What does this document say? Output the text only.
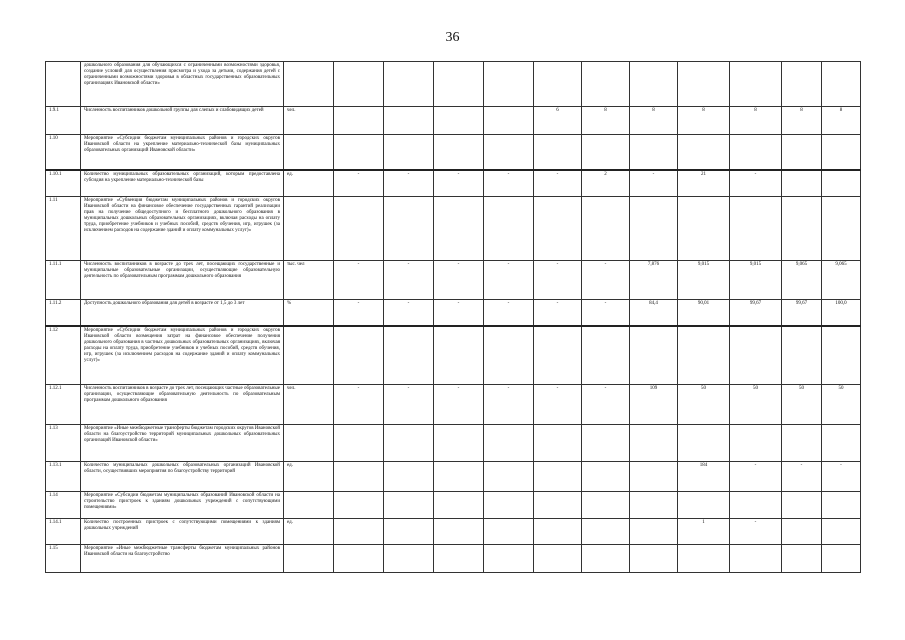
36
	дошкольного образования для обучающихся с ограниченными возможностями здоровья, создание условий для осуществления присмотра и ухода за детьми, содержания детей с ограниченными возможностями здоровья в областных государственных образовательных организациях Ивановской области»												
1.9.1	Численность воспитанников дошкольной группы для слепых и слабовидящих детей	чел.					6	8	8	8	8	8	8
1.10	Мероприятие «Субсидии бюджетам муниципальных районов и городских округов Ивановской области на укрепление материально-технической базы муниципальных образовательных организаций Ивановской области»												
1.10.1	Количество муниципальных образовательных организаций, которым предоставлена субсидия на укрепление материально-технической базы	ед.	-	-	-	-	-	2	-	21	-		
1.11	Мероприятие «Субвенция бюджетам муниципальных районов и городских округов Ивановской области на финансовое обеспечение государственных гарантий реализации прав на получение общедоступного и бесплатного дошкольного образования в муниципальных дошкольных образовательных организациях, включая расходы на оплату труда, приобретение учебников и учебных пособий, средств обучения, игр, игрушек (за исключением расходов на содержание зданий и оплату коммунальных услуг)»												
1.11.1	Численность воспитанников в возрасте до трех лет, посещающих государственные и муниципальные образовательные организации, осуществляющие образовательную деятельность по образовательным программам дошкольного образования	тыс. чел	-	-	-	-	-	-	7,876	9,015	9,015	9,065	9,065
1.11.2	Доступность дошкольного образования для детей в возрасте от 1,5 до 3 лет	%	-	-	-	-	-	-	84,4	90,01	99,67	99,67	100,0
1.12	Мероприятие «Субсидии бюджетам муниципальных районов и городских округов Ивановской области возмещения затрат на финансовое обеспечение получения дошкольного образования в частных дошкольных образовательных организациях, включая расходы на оплату труда, приобретение учебников и учебных пособий, средств обучения, игр, игрушек (за исключением расходов на содержание зданий и оплату коммунальных услуг)»												
1.12.1	Численность воспитанников в возрасте до трех лет, посещающих частные образовательные организации, осуществляющие образовательную деятельность по образовательным программам дошкольного образования	чел.	-	-	-	-	-	-	109	50	50	50	50
1.13	Мероприятие «Иные межбюджетные трансферты бюджетам городских округов Ивановской области на благоустройство территорий муниципальных дошкольных образовательных организаций Ивановской области»												
1.13.1	Количество муниципальных дошкольных образовательных организаций Ивановской области, осуществивших мероприятия по благоустройству территорий	ед.								184	-	-	-
1.14	Мероприятие «Субсидии бюджетам муниципальных образований Ивановской области на строительство пристроек к зданиям дошкольных учреждений с сопутствующими помещениями»												
1.14.1	Количество построенных пристроек с сопутствующими помещениями к зданиям дошкольных учреждений	ед.								1	-		
1.15	Мероприятие «Иные межбюджетные трансферты бюджетам муниципальных районов Ивановской области на благоустройство												
